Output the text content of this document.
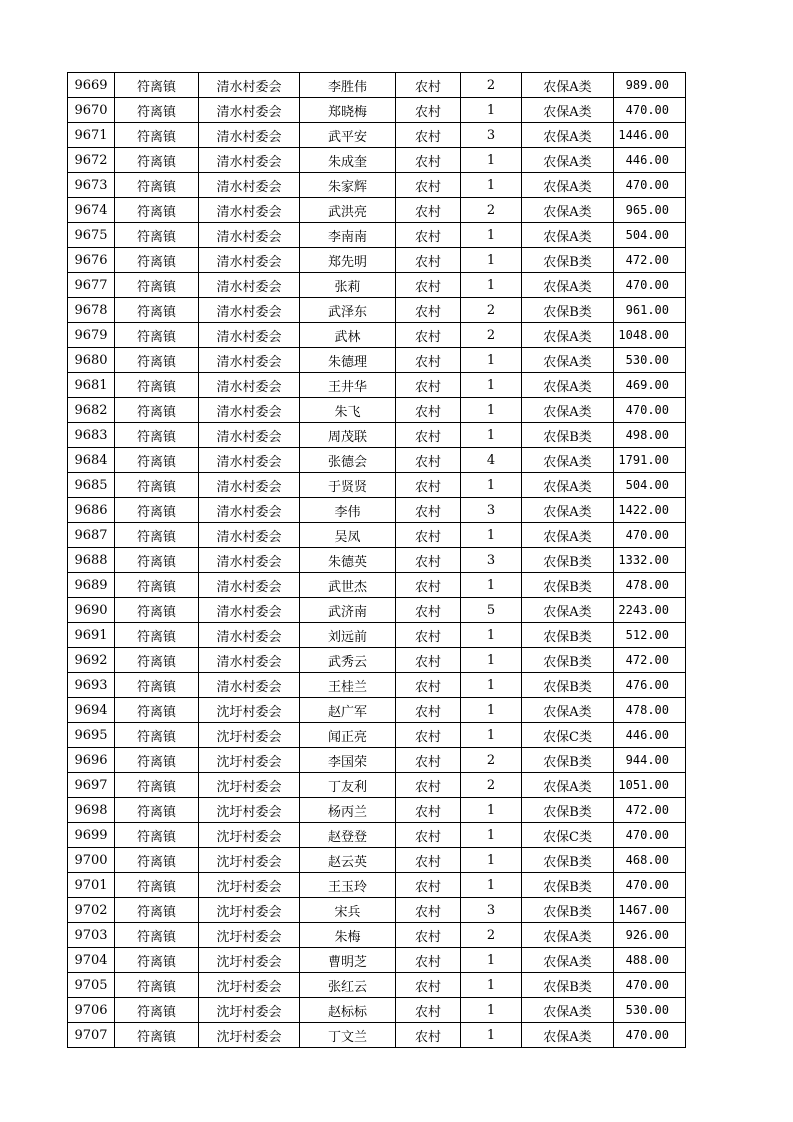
9669	符离镇	清水村委会	李胜伟	农村	2	农保A类	989.00
9670	符离镇	清水村委会	郑晓梅	农村	1	农保A类	470.00
9671	符离镇	清水村委会	武平安	农村	3	农保A类	1446.00
9672	符离镇	清水村委会	朱成奎	农村	1	农保A类	446.00
9673	符离镇	清水村委会	朱家辉	农村	1	农保A类	470.00
9674	符离镇	清水村委会	武洪亮	农村	2	农保A类	965.00
9675	符离镇	清水村委会	李南南	农村	1	农保A类	504.00
9676	符离镇	清水村委会	郑先明	农村	1	农保B类	472.00
9677	符离镇	清水村委会	张莉	农村	1	农保A类	470.00
9678	符离镇	清水村委会	武泽东	农村	2	农保B类	961.00
9679	符离镇	清水村委会	武林	农村	2	农保A类	1048.00
9680	符离镇	清水村委会	朱德理	农村	1	农保A类	530.00
9681	符离镇	清水村委会	王井华	农村	1	农保A类	469.00
9682	符离镇	清水村委会	朱飞	农村	1	农保A类	470.00
9683	符离镇	清水村委会	周茂联	农村	1	农保B类	498.00
9684	符离镇	清水村委会	张德会	农村	4	农保A类	1791.00
9685	符离镇	清水村委会	于贤贤	农村	1	农保A类	504.00
9686	符离镇	清水村委会	李伟	农村	3	农保A类	1422.00
9687	符离镇	清水村委会	吴凤	农村	1	农保A类	470.00
9688	符离镇	清水村委会	朱德英	农村	3	农保B类	1332.00
9689	符离镇	清水村委会	武世杰	农村	1	农保B类	478.00
9690	符离镇	清水村委会	武济南	农村	5	农保A类	2243.00
9691	符离镇	清水村委会	刘远前	农村	1	农保B类	512.00
9692	符离镇	清水村委会	武秀云	农村	1	农保B类	472.00
9693	符离镇	清水村委会	王桂兰	农村	1	农保B类	476.00
9694	符离镇	沈圩村委会	赵广军	农村	1	农保A类	478.00
9695	符离镇	沈圩村委会	闻正亮	农村	1	农保C类	446.00
9696	符离镇	沈圩村委会	李国荣	农村	2	农保B类	944.00
9697	符离镇	沈圩村委会	丁友利	农村	2	农保A类	1051.00
9698	符离镇	沈圩村委会	杨丙兰	农村	1	农保B类	472.00
9699	符离镇	沈圩村委会	赵登登	农村	1	农保C类	470.00
9700	符离镇	沈圩村委会	赵云英	农村	1	农保B类	468.00
9701	符离镇	沈圩村委会	王玉玲	农村	1	农保B类	470.00
9702	符离镇	沈圩村委会	宋兵	农村	3	农保B类	1467.00
9703	符离镇	沈圩村委会	朱梅	农村	2	农保A类	926.00
9704	符离镇	沈圩村委会	曹明芝	农村	1	农保A类	488.00
9705	符离镇	沈圩村委会	张红云	农村	1	农保B类	470.00
9706	符离镇	沈圩村委会	赵标标	农村	1	农保A类	530.00
9707	符离镇	沈圩村委会	丁文兰	农村	1	农保A类	470.00
